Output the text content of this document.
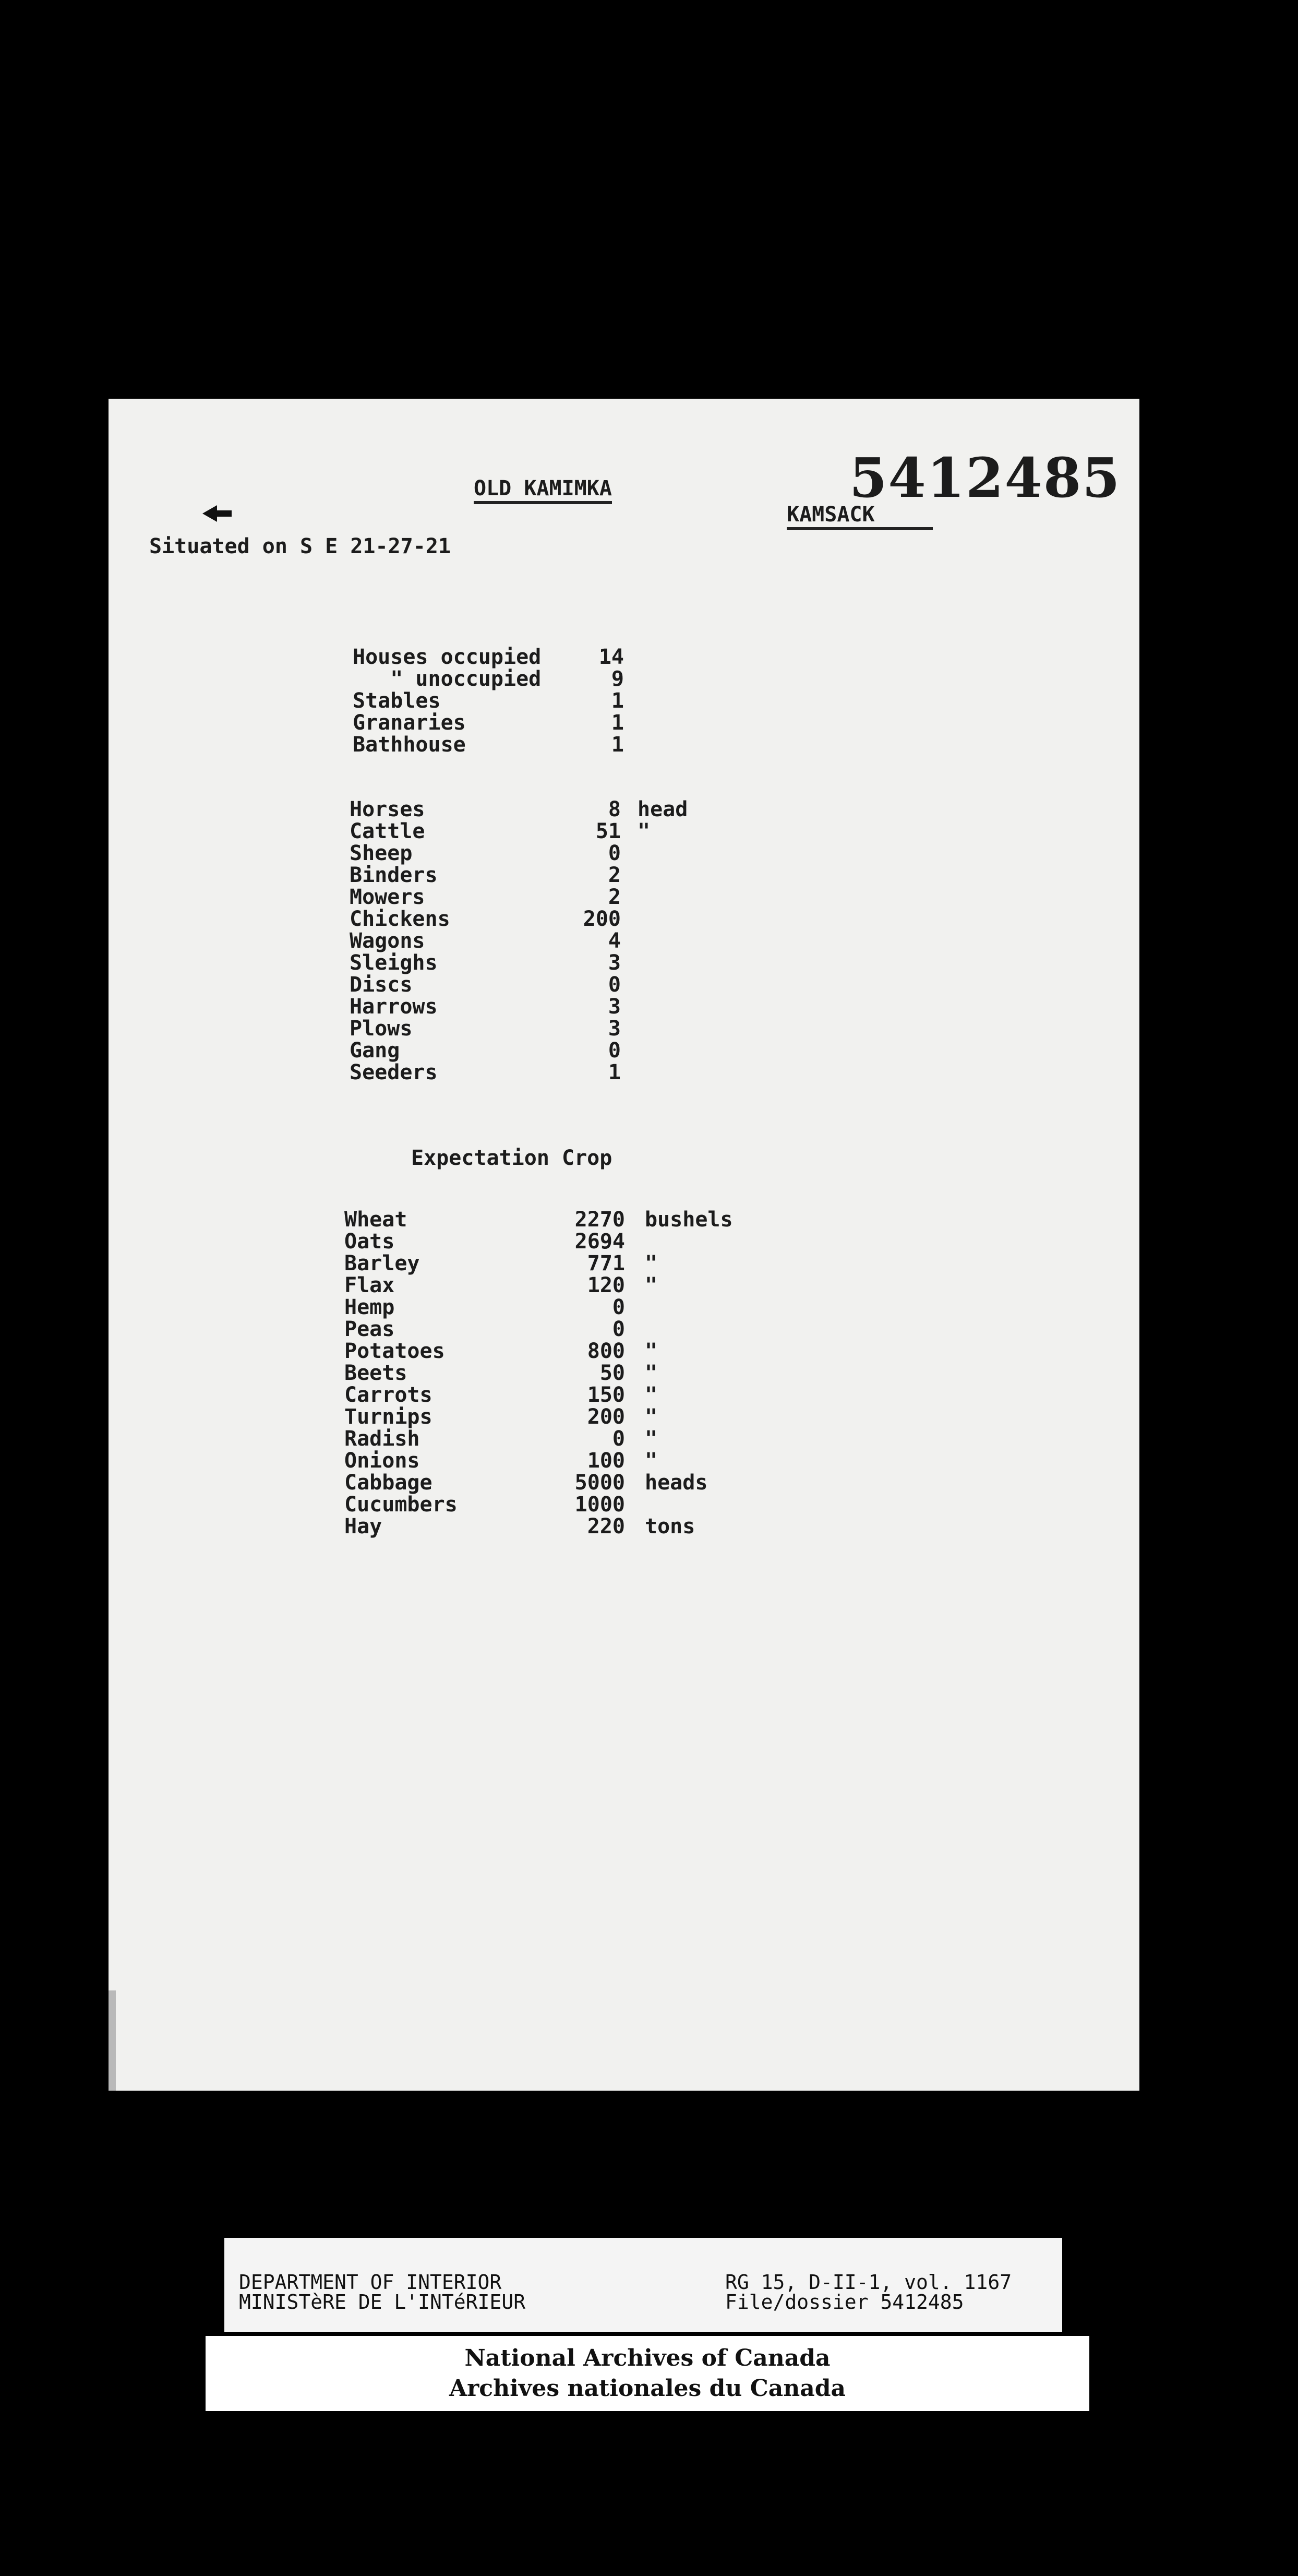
OLD KAMIMKA	5412485
KAMSACK
Situated on S E 21-27-21
Houses occupied	14
" unoccupied	9
Stables	1
Granaries	1
Bathhouse	1
Horses	8 head
Cattle	51 "
Sheep	0
Binders	2
Mowers	2
Chickens	200
Wagons	4
Sleighs	3
Discs	0
Harrows	3
Plows	3
Gang	0
Seeders	1
Expectation Crop
Wheat	2270 bushels
Oats	2694
Barley	771 "
Flax	120 "
Hemp	0
Peas	0
Potatoes	800 "
Beets	50 "
Carrots	150 "
Turnips	200 "
Radish	0 "
Onions	100 "
Cabbage	5000 heads
Cucumbers	1000
Hay	220 tons
DEPARTMENT OF INTERIOR
MINISTèRE DE L'INTéRIEUR
RG 15, D-II-1, vol. 1167
File/dossier 5412485
National Archives of Canada
Archives nationales du Canada
